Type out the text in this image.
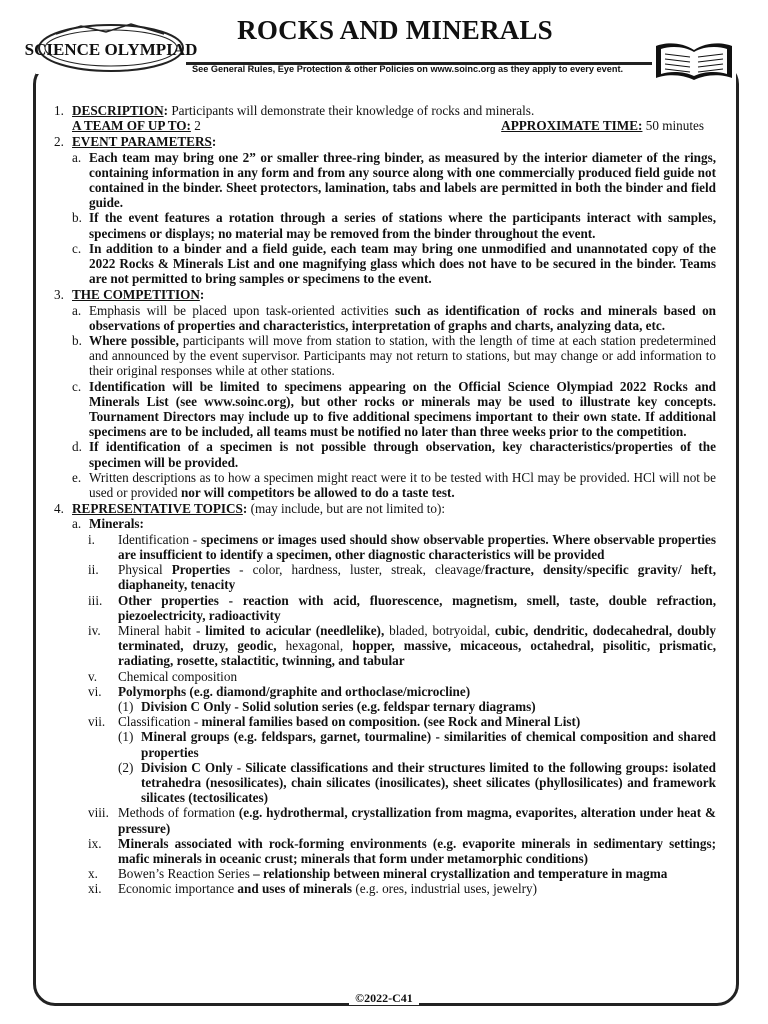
SCIENCE OLYMPIAD
ROCKS AND MINERALS
See General Rules, Eye Protection & other Policies on www.soinc.org as they apply to every event.
1. DESCRIPTION: Participants will demonstrate their knowledge of rocks and minerals.
A TEAM OF UP TO: 2	APPROXIMATE TIME: 50 minutes
2. EVENT PARAMETERS:
a. Each team may bring one 2” or smaller three-ring binder, as measured by the interior diameter of the rings, containing information in any form and from any source along with one commercially produced field guide not contained in the binder. Sheet protectors, lamination, tabs and labels are permitted in both the binder and field guide.
b. If the event features a rotation through a series of stations where the participants interact with samples, specimens or displays; no material may be removed from the binder throughout the event.
c. In addition to a binder and a field guide, each team may bring one unmodified and unannotated copy of the 2022 Rocks & Minerals List and one magnifying glass which does not have to be secured in the binder. Teams are not permitted to bring samples or specimens to the event.
3. THE COMPETITION:
a. Emphasis will be placed upon task-oriented activities such as identification of rocks and minerals based on observations of properties and characteristics, interpretation of graphs and charts, analyzing data, etc.
b. Where possible, participants will move from station to station, with the length of time at each station predetermined and announced by the event supervisor. Participants may not return to stations, but may change or add information to their original responses while at other stations.
c. Identification will be limited to specimens appearing on the Official Science Olympiad 2022 Rocks and Minerals List (see www.soinc.org), but other rocks or minerals may be used to illustrate key concepts. Tournament Directors may include up to five additional specimens important to their own state. If additional specimens are to be included, all teams must be notified no later than three weeks prior to the competition.
d. If identification of a specimen is not possible through observation, key characteristics/properties of the specimen will be provided.
e. Written descriptions as to how a specimen might react were it to be tested with HCl may be provided. HCl will not be used or provided nor will competitors be allowed to do a taste test.
4. REPRESENTATIVE TOPICS: (may include, but are not limited to):
a. Minerals:
i.	Identification - specimens or images used should show observable properties. Where observable properties are insufficient to identify a specimen, other diagnostic characteristics will be provided
ii.	Physical Properties - color, hardness, luster, streak, cleavage/fracture, density/specific gravity/ heft, diaphaneity, tenacity
iii.	Other properties - reaction with acid, fluorescence, magnetism, smell, taste, double refraction, piezoelectricity, radioactivity
iv.	Mineral habit - limited to acicular (needlelike), bladed, botryoidal, cubic, dendritic, dodecahedral, doubly terminated, druzy, geodic, hexagonal, hopper, massive, micaceous, octahedral, pisolitic, prismatic, radiating, rosette, stalactitic, twinning, and tabular
v.	Chemical composition
vi.	Polymorphs (e.g. diamond/graphite and orthoclase/microcline)
(1) Division C Only - Solid solution series (e.g. feldspar ternary diagrams)
vii. Classification - mineral families based on composition. (see Rock and Mineral List)
(1) Mineral groups (e.g. feldspars, garnet, tourmaline) - similarities of chemical composition and shared properties
(2) Division C Only - Silicate classifications and their structures limited to the following groups: isolated tetrahedra (nesosilicates), chain silicates (inosilicates), sheet silicates (phyllosilicates) and framework silicates (tectosilicates)
viii. Methods of formation (e.g. hydrothermal, crystallization from magma, evaporites, alteration under heat & pressure)
ix.	Minerals associated with rock-forming environments (e.g. evaporite minerals in sedimentary settings; mafic minerals in oceanic crust; minerals that form under metamorphic conditions)
x.	Bowen’s Reaction Series – relationship between mineral crystallization and temperature in magma
xi.	Economic importance and uses of minerals (e.g. ores, industrial uses, jewelry)
©2022-C41
